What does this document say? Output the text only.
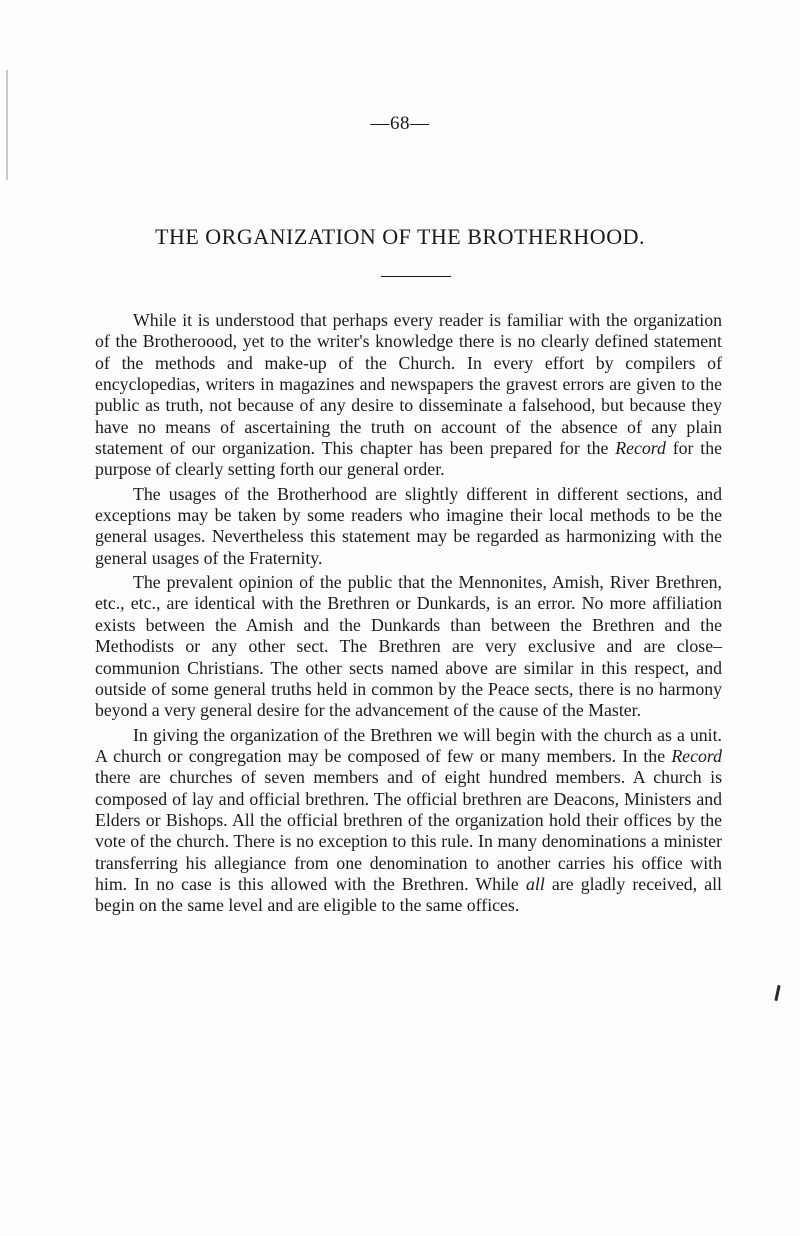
—68—
THE ORGANIZATION OF THE BROTHERHOOD.

While it is understood that perhaps every reader is familiar with the organization of the Brotheroood, yet to the writer's knowledge there is no clearly defined statement of the methods and make-up of the Church. In every effort by compilers of encyclopedias, writers in magazines and newspapers the gravest errors are given to the public as truth, not because of any desire to disseminate a falsehood, but because they have no means of ascertaining the truth on account of the absence of any plain statement of our organization. This chapter has been prepared for the Record for the purpose of clearly setting forth our general order.

The usages of the Brotherhood are slightly different in different sections, and exceptions may be taken by some readers who imagine their local methods to be the general usages. Nevertheless this statement may be regarded as harmonizing with the general usages of the Fraternity.

The prevalent opinion of the public that the Mennonites, Amish, River Brethren, etc., etc., are identical with the Brethren or Dunkards, is an error. No more affiliation exists between the Amish and the Dunkards than between the Brethren and the Methodists or any other sect. The Brethren are very exclusive and are close–communion Christians. The other sects named above are similar in this respect, and outside of some general truths held in common by the Peace sects, there is no harmony beyond a very general desire for the advancement of the cause of the Master.

In giving the organization of the Brethren we will begin with the church as a unit. A church or congregation may be composed of few or many members. In the Record there are churches of seven members and of eight hundred members. A church is composed of lay and official brethren. The official brethren are Deacons, Ministers and Elders or Bishops. All the official brethren of the organization hold their offices by the vote of the church. There is no exception to this rule. In many denominations a minister transferring his allegiance from one denomination to another carries his office with him. In no case is this allowed with the Brethren. While all are gladly received, all begin on the same level and are eligible to the same offices.
